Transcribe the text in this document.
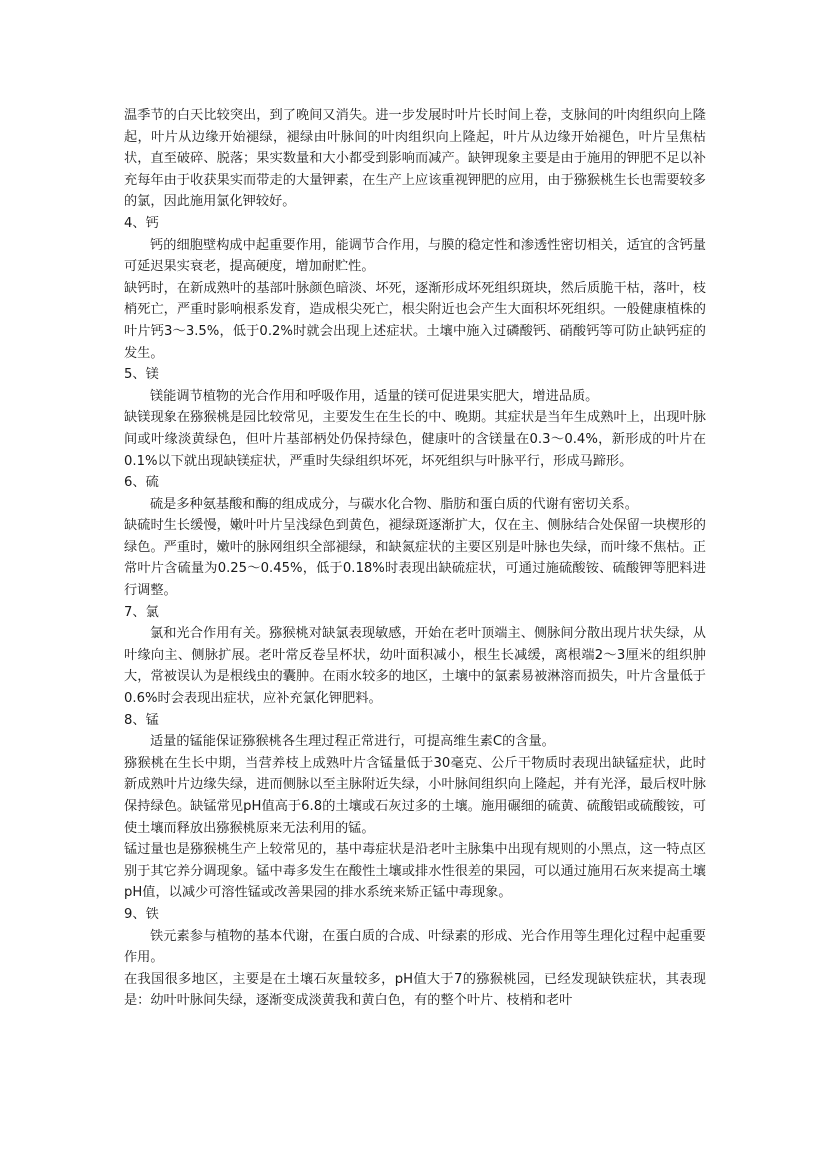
温季节的白天比较突出，到了晚间又消失。进一步发展时叶片长时间上卷，支脉间的叶肉组织向上隆起，叶片从边缘开始褪绿，褪绿由叶脉间的叶肉组织向上隆起，叶片从边缘开始褪色，叶片呈焦枯状，直至破碎、脱落；果实数量和大小都受到影响而减产。缺钾现象主要是由于施用的钾肥不足以补充每年由于收获果实而带走的大量钾素，在生产上应该重视钾肥的应用，由于猕猴桃生长也需要较多的氯，因此施用氯化钾较好。

4、钙

钙的细胞壁构成中起重要作用，能调节合作用，与膜的稳定性和渗透性密切相关，适宜的含钙量可延迟果实衰老，提高硬度，增加耐贮性。

缺钙时，在新成熟叶的基部叶脉颜色暗淡、坏死，逐渐形成坏死组织斑块，然后质脆干枯，落叶，枝梢死亡，严重时影响根系发育，造成根尖死亡，根尖附近也会产生大面积坏死组织。一般健康植株的叶片钙3～3.5%，低于0.2%时就会出现上述症状。土壤中施入过磷酸钙、硝酸钙等可防止缺钙症的发生。

5、镁

镁能调节植物的光合作用和呼吸作用，适量的镁可促进果实肥大，增进品质。

缺镁现象在猕猴桃是园比较常见，主要发生在生长的中、晚期。其症状是当年生成熟叶上，出现叶脉间或叶缘淡黄绿色，但叶片基部柄处仍保持绿色，健康叶的含镁量在0.3～0.4%，新形成的叶片在0.1%以下就出现缺镁症状，严重时失绿组织坏死，坏死组织与叶脉平行，形成马蹄形。

6、硫

硫是多种氨基酸和酶的组成成分，与碳水化合物、脂肪和蛋白质的代谢有密切关系。

缺硫时生长缓慢，嫩叶叶片呈浅绿色到黄色，褪绿斑逐渐扩大，仅在主、侧脉结合处保留一块楔形的绿色。严重时，嫩叶的脉网组织全部褪绿，和缺氮症状的主要区别是叶脉也失绿，而叶缘不焦枯。正常叶片含硫量为0.25～0.45%，低于0.18%时表现出缺硫症状，可通过施硫酸铵、硫酸钾等肥料进行调整。

7、氯

氯和光合作用有关。猕猴桃对缺氯表现敏感，开始在老叶顶端主、侧脉间分散出现片状失绿，从叶缘向主、侧脉扩展。老叶常反卷呈杯状，幼叶面积减小，根生长减缓，离根端2～3厘米的组织肿大，常被误认为是根线虫的囊肿。在雨水较多的地区，土壤中的氯素易被淋溶而损失，叶片含量低于0.6%时会表现出症状，应补充氯化钾肥料。

8、锰

适量的锰能保证猕猴桃各生理过程正常进行，可提高维生素C的含量。

猕猴桃在生长中期，当营养枝上成熟叶片含锰量低于30毫克、公斤干物质时表现出缺锰症状，此时新成熟叶片边缘失绿，进而侧脉以至主脉附近失绿，小叶脉间组织向上隆起，并有光泽，最后杈叶脉保持绿色。缺锰常见pH值高于6.8的土壤或石灰过多的土壤。施用碾细的硫黄、硫酸铝或硫酸铵，可使土壤而释放出猕猴桃原来无法利用的锰。

锰过量也是猕猴桃生产上较常见的，基中毒症状是沿老叶主脉集中出现有规则的小黑点，这一特点区别于其它养分调现象。锰中毒多发生在酸性土壤或排水性很差的果园，可以通过施用石灰来提高土壤pH值，以减少可溶性锰或改善果园的排水系统来矫正锰中毒现象。

9、铁

铁元素参与植物的基本代谢，在蛋白质的合成、叶绿素的形成、光合作用等生理化过程中起重要作用。

在我国很多地区，主要是在土壤石灰量较多，pH值大于7的猕猴桃园，已经发现缺铁症状，其表现是：幼叶叶脉间失绿，逐渐变成淡黄我和黄白色，有的整个叶片、枝梢和老叶
